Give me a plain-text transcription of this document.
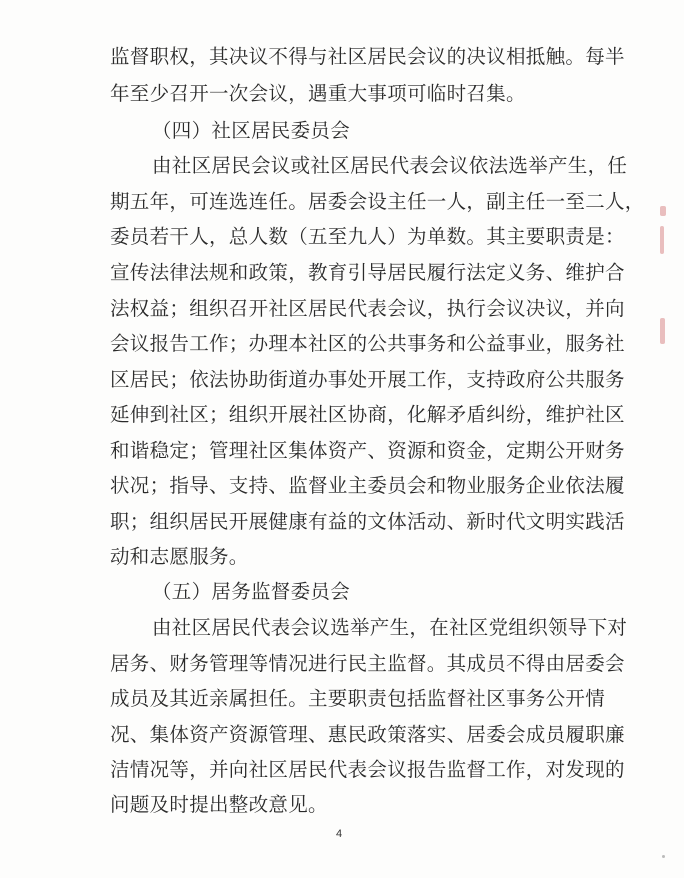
监督职权，其决议不得与社区居民会议的决议相抵触。每半
年至少召开一次会议，遇重大事项可临时召集。
（四）社区居民委员会
由社区居民会议或社区居民代表会议依法选举产生，任
期五年，可连选连任。居委会设主任一人，副主任一至二人，
委员若干人，总人数（五至九人）为单数。其主要职责是：
宣传法律法规和政策，教育引导居民履行法定义务、维护合
法权益；组织召开社区居民代表会议，执行会议决议，并向
会议报告工作；办理本社区的公共事务和公益事业，服务社
区居民；依法协助街道办事处开展工作，支持政府公共服务
延伸到社区；组织开展社区协商，化解矛盾纠纷，维护社区
和谐稳定；管理社区集体资产、资源和资金，定期公开财务
状况；指导、支持、监督业主委员会和物业服务企业依法履
职；组织居民开展健康有益的文体活动、新时代文明实践活
动和志愿服务。
（五）居务监督委员会
由社区居民代表会议选举产生，在社区党组织领导下对
居务、财务管理等情况进行民主监督。其成员不得由居委会
成员及其近亲属担任。主要职责包括监督社区事务公开情
况、集体资产资源管理、惠民政策落实、居委会成员履职廉
洁情况等，并向社区居民代表会议报告监督工作，对发现的
问题及时提出整改意见。
4
